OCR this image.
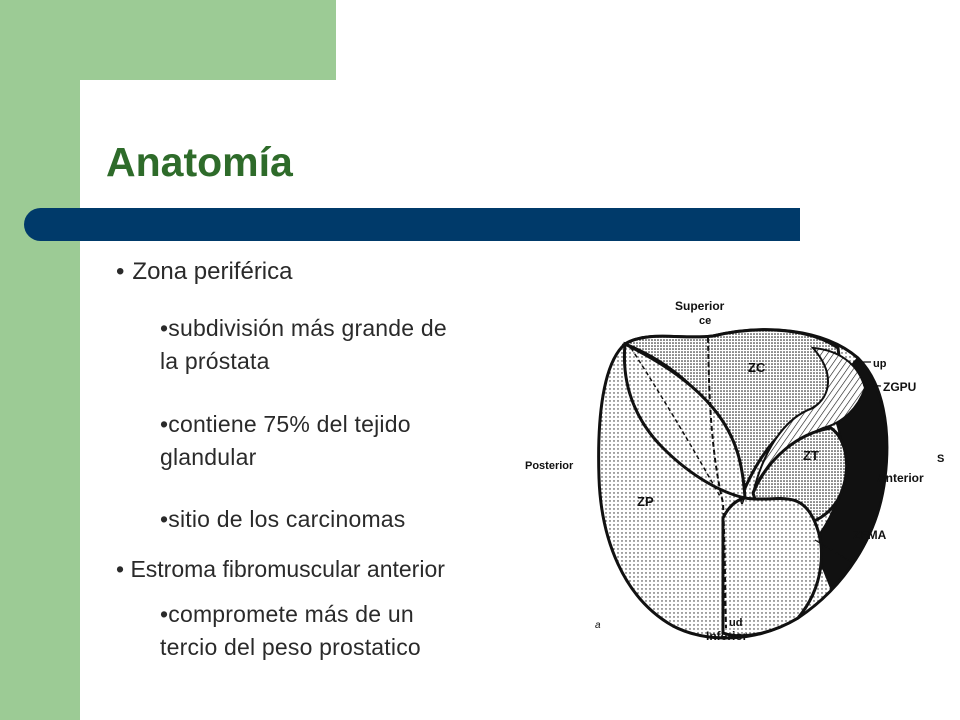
Anatomía
• Zona periférica
•subdivisión más grande de
la próstata
•contiene 75% del tejido
glandular
•sitio de los carcinomas
• Estroma fibromuscular anterior
•compromete más de un
tercio del peso prostatico
Superior
ce
ZC	up
ZGPU
Posterior
ZT
Anterior
S
ZP	v
ZFMA
a	ud
Inferior
